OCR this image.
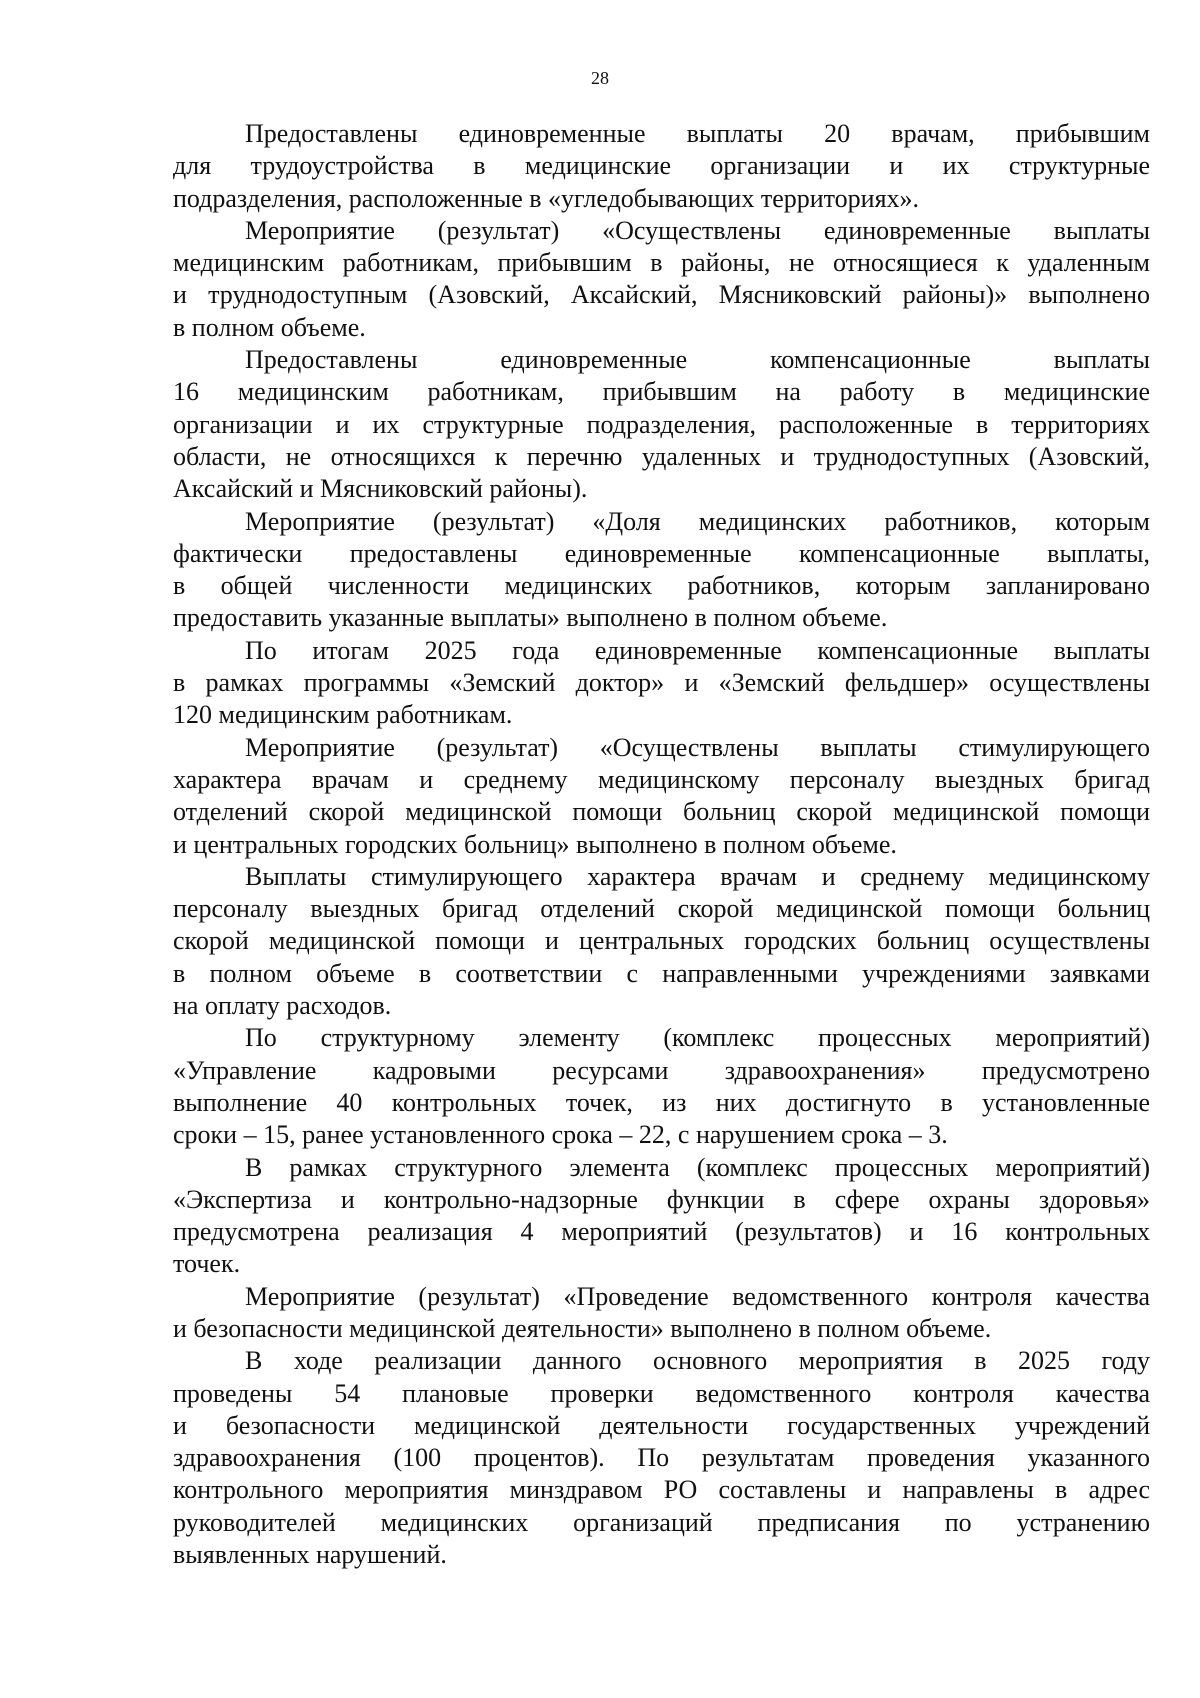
28

Предоставлены единовременные выплаты 20 врачам, прибывшим
для трудоустройства в медицинские организации и их структурные
подразделения, расположенные в «угледобывающих территориях».

Мероприятие (результат) «Осуществлены единовременные выплаты
медицинским работникам, прибывшим в районы, не относящиеся к удаленным
и труднодоступным (Азовский, Аксайский, Мясниковский районы)» выполнено
в полном объеме.

Предоставлены единовременные компенсационные выплаты
16 медицинским работникам, прибывшим на работу в медицинские
организации и их структурные подразделения, расположенные в территориях
области, не относящихся к перечню удаленных и труднодоступных (Азовский,
Аксайский и Мясниковский районы).

Мероприятие (результат) «Доля медицинских работников, которым
фактически предоставлены единовременные компенсационные выплаты,
в общей численности медицинских работников, которым запланировано
предоставить указанные выплаты» выполнено в полном объеме.

По итогам 2025 года единовременные компенсационные выплаты
в рамках программы «Земский доктор» и «Земский фельдшер» осуществлены
120 медицинским работникам.

Мероприятие (результат) «Осуществлены выплаты стимулирующего
характера врачам и среднему медицинскому персоналу выездных бригад
отделений скорой медицинской помощи больниц скорой медицинской помощи
и центральных городских больниц» выполнено в полном объеме.

Выплаты стимулирующего характера врачам и среднему медицинскому
персоналу выездных бригад отделений скорой медицинской помощи больниц
скорой медицинской помощи и центральных городских больниц осуществлены
в полном объеме в соответствии с направленными учреждениями заявками
на оплату расходов.

По структурному элементу (комплекс процессных мероприятий)
«Управление кадровыми ресурсами здравоохранения» предусмотрено
выполнение 40 контрольных точек, из них достигнуто в установленные
сроки – 15, ранее установленного срока – 22, с нарушением срока – 3.

В рамках структурного элемента (комплекс процессных мероприятий)
«Экспертиза и контрольно-надзорные функции в сфере охраны здоровья»
предусмотрена реализация 4 мероприятий (результатов) и 16 контрольных
точек.

Мероприятие (результат) «Проведение ведомственного контроля качества
и безопасности медицинской деятельности» выполнено в полном объеме.

В ходе реализации данного основного мероприятия в 2025 году
проведены 54 плановые проверки ведомственного контроля качества
и безопасности медицинской деятельности государственных учреждений
здравоохранения (100 процентов). По результатам проведения указанного
контрольного мероприятия минздравом РО составлены и направлены в адрес
руководителей медицинских организаций предписания по устранению
выявленных нарушений.
